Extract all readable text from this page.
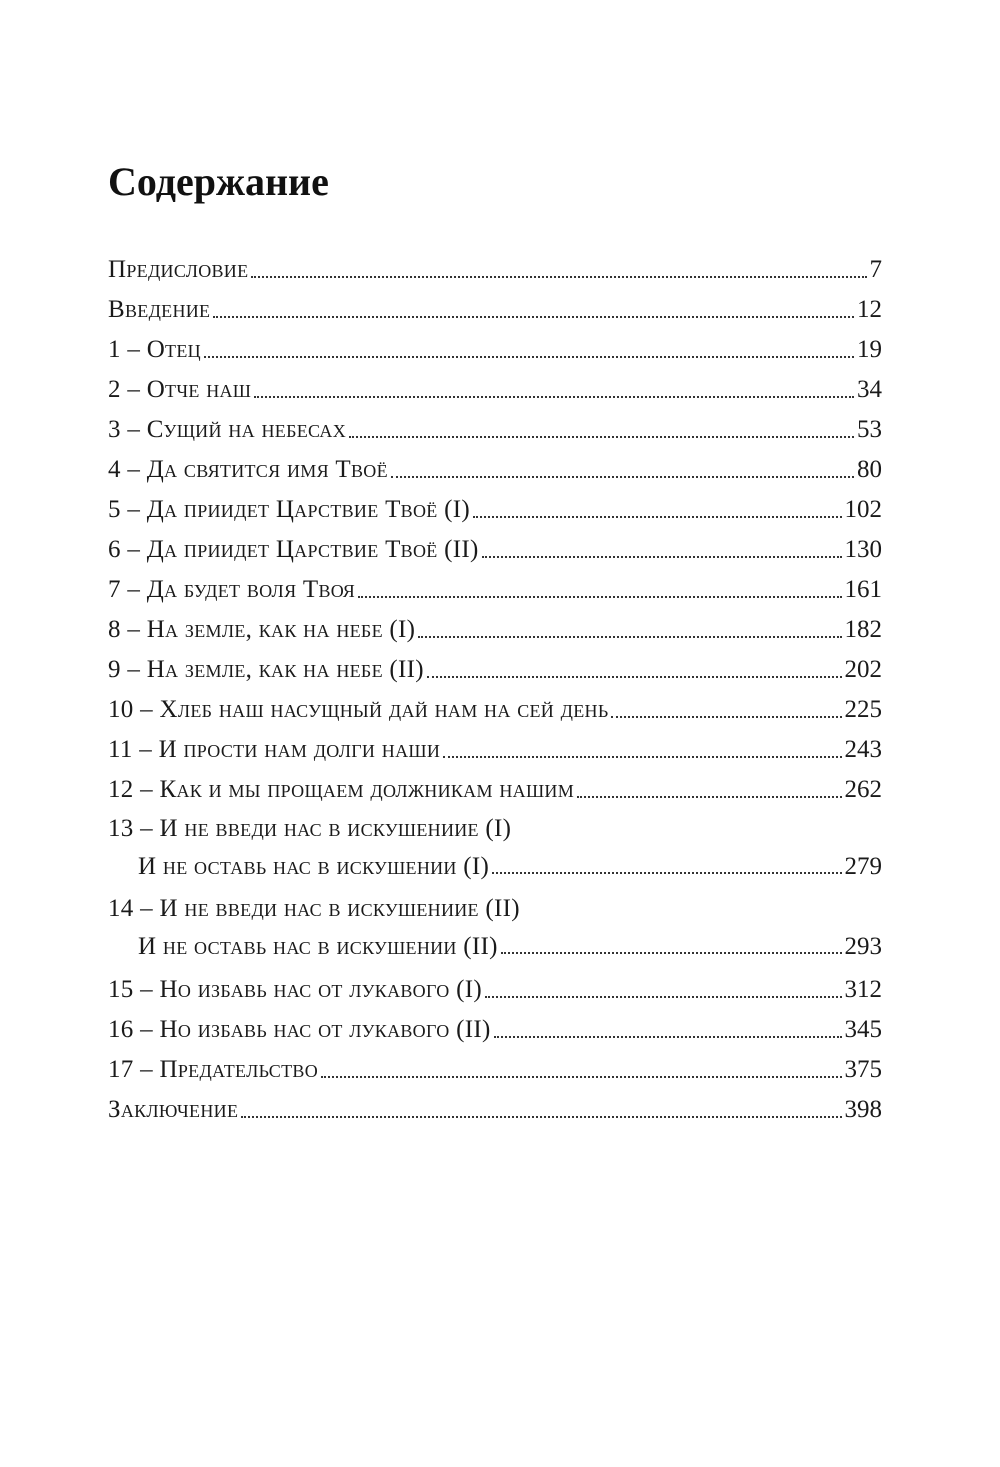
Содержание
Предисловие	7
Введение	12
1 – Отец	19
2 – Отче наш	34
3 – Сущий на небесах	53
4 – Да святится имя Твоё	80
5 – Да приидет Царствие Твоё (I)	102
6 – Да приидет Царствие Твоё (II)	130
7 – Да будет воля Твоя	161
8 – На земле, как на небе (I)	182
9 – На земле, как на небе (II)	202
10 – Хлеб наш насущный дай нам на сей день	225
11 – И прости нам долги наши	243
12 – Как и мы прощаем должникам нашим	262
13 – И не введи нас в искушениие (I)
И не оставь нас в искушении (I)	279
14 – И не введи нас в искушениие (II)
И не оставь нас в искушении (II)	293
15 – Но избавь нас от лукавого (I)	312
16 – Но избавь нас от лукавого (II)	345
17 – Предательство	375
Заключение	398
